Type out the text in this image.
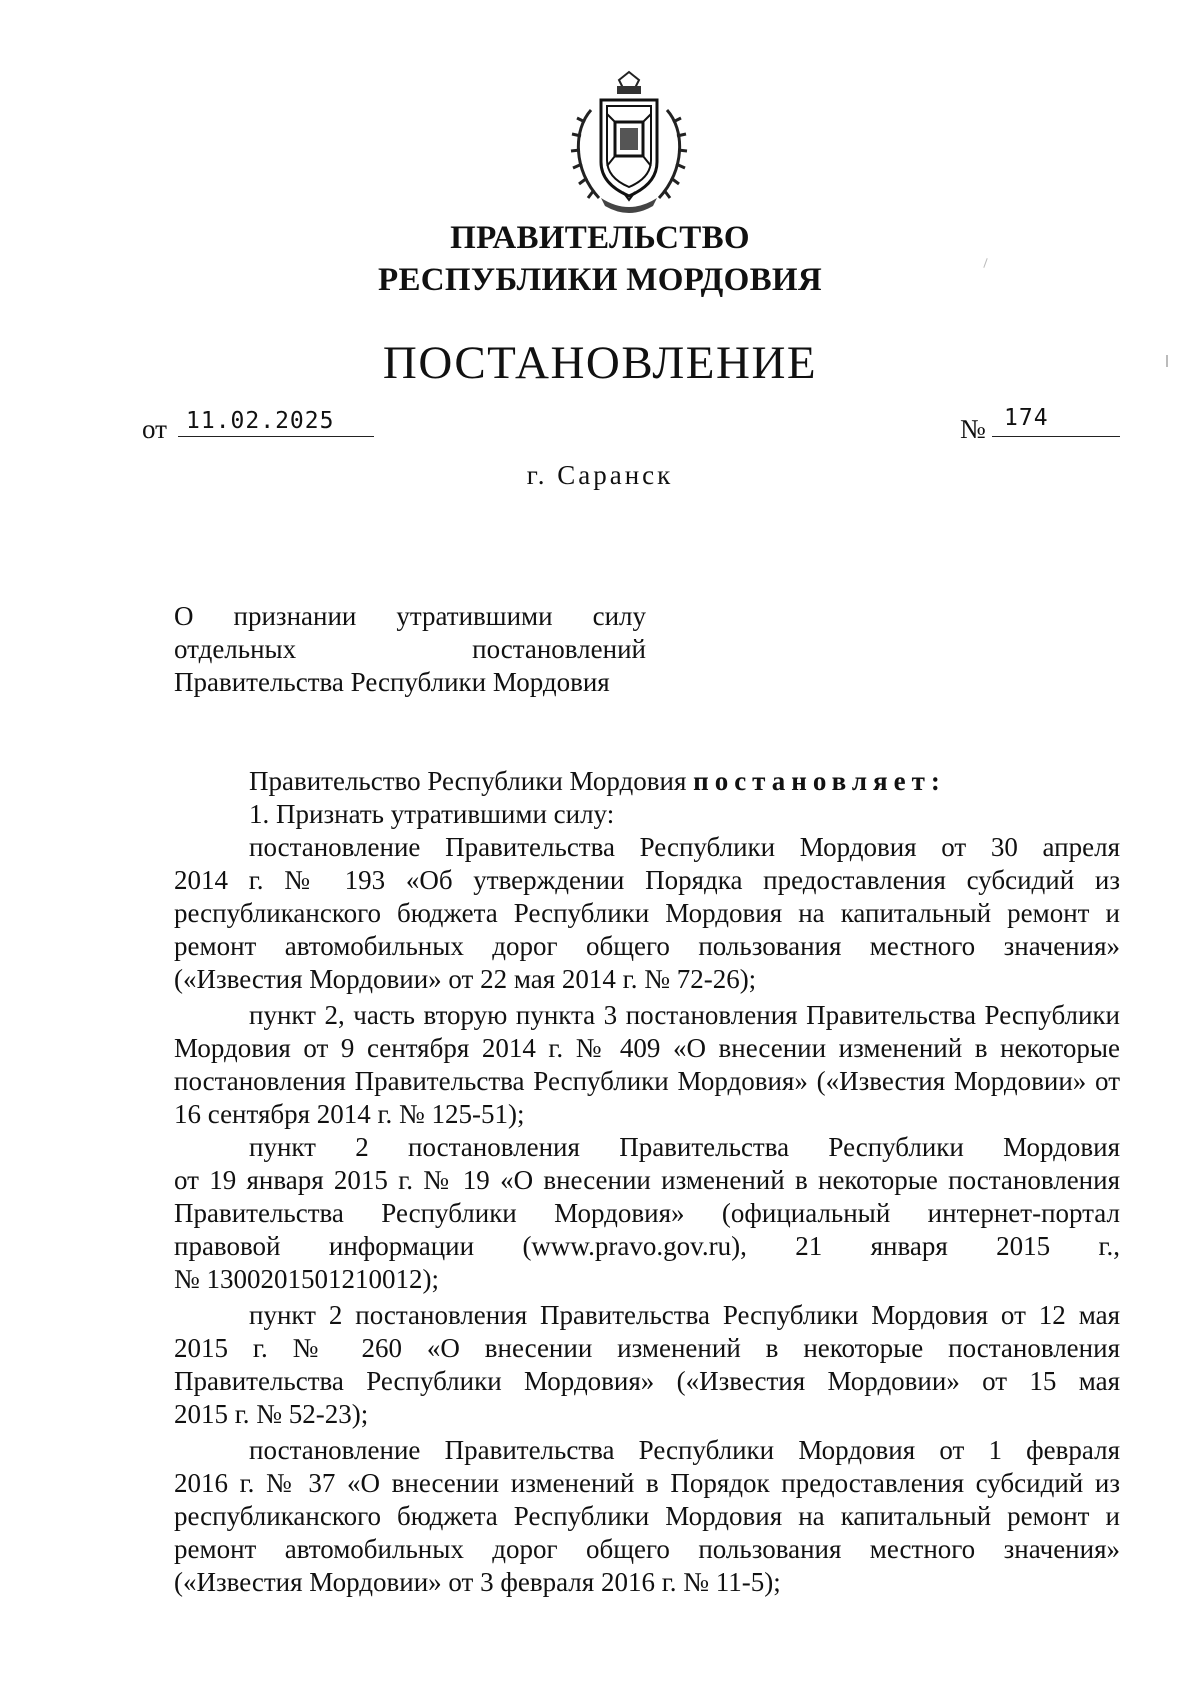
ПРАВИТЕЛЬСТВО
РЕСПУБЛИКИ МОРДОВИЯ
ПОСТАНОВЛЕНИЕ
от 11.02.2025	№ 174
г. Саранск
О признании утратившими силу
отдельных постановлений
Правительства Республики Мордовия
Правительство Республики Мордовия постановляет:
1. Признать утратившими силу:
постановление Правительства Республики Мордовия от 30 апреля
2014 г. № 193 «Об утверждении Порядка предоставления субсидий из
республиканского бюджета Республики Мордовия на капитальный ремонт и
ремонт автомобильных дорог общего пользования местного значения»
(«Известия Мордовии» от 22 мая 2014 г. № 72-26);
пункт 2, часть вторую пункта 3 постановления Правительства Республики
Мордовия от 9 сентября 2014 г. № 409 «О внесении изменений в некоторые
постановления Правительства Республики Мордовия» («Известия Мордовии» от
16 сентября 2014 г. № 125-51);
пункт 2 постановления Правительства Республики Мордовия
от 19 января 2015 г. № 19 «О внесении изменений в некоторые постановления
Правительства Республики Мордовия» (официальный интернет-портал
правовой информации (www.pravo.gov.ru), 21 января 2015 г.,
№ 1300201501210012);
пункт 2 постановления Правительства Республики Мордовия от 12 мая
2015 г. № 260 «О внесении изменений в некоторые постановления
Правительства Республики Мордовия» («Известия Мордовии» от 15 мая
2015 г. № 52-23);
постановление Правительства Республики Мордовия от 1 февраля
2016 г. № 37 «О внесении изменений в Порядок предоставления субсидий из
республиканского бюджета Республики Мордовия на капитальный ремонт и
ремонт автомобильных дорог общего пользования местного значения»
(«Известия Мордовии» от 3 февраля 2016 г. № 11-5);
